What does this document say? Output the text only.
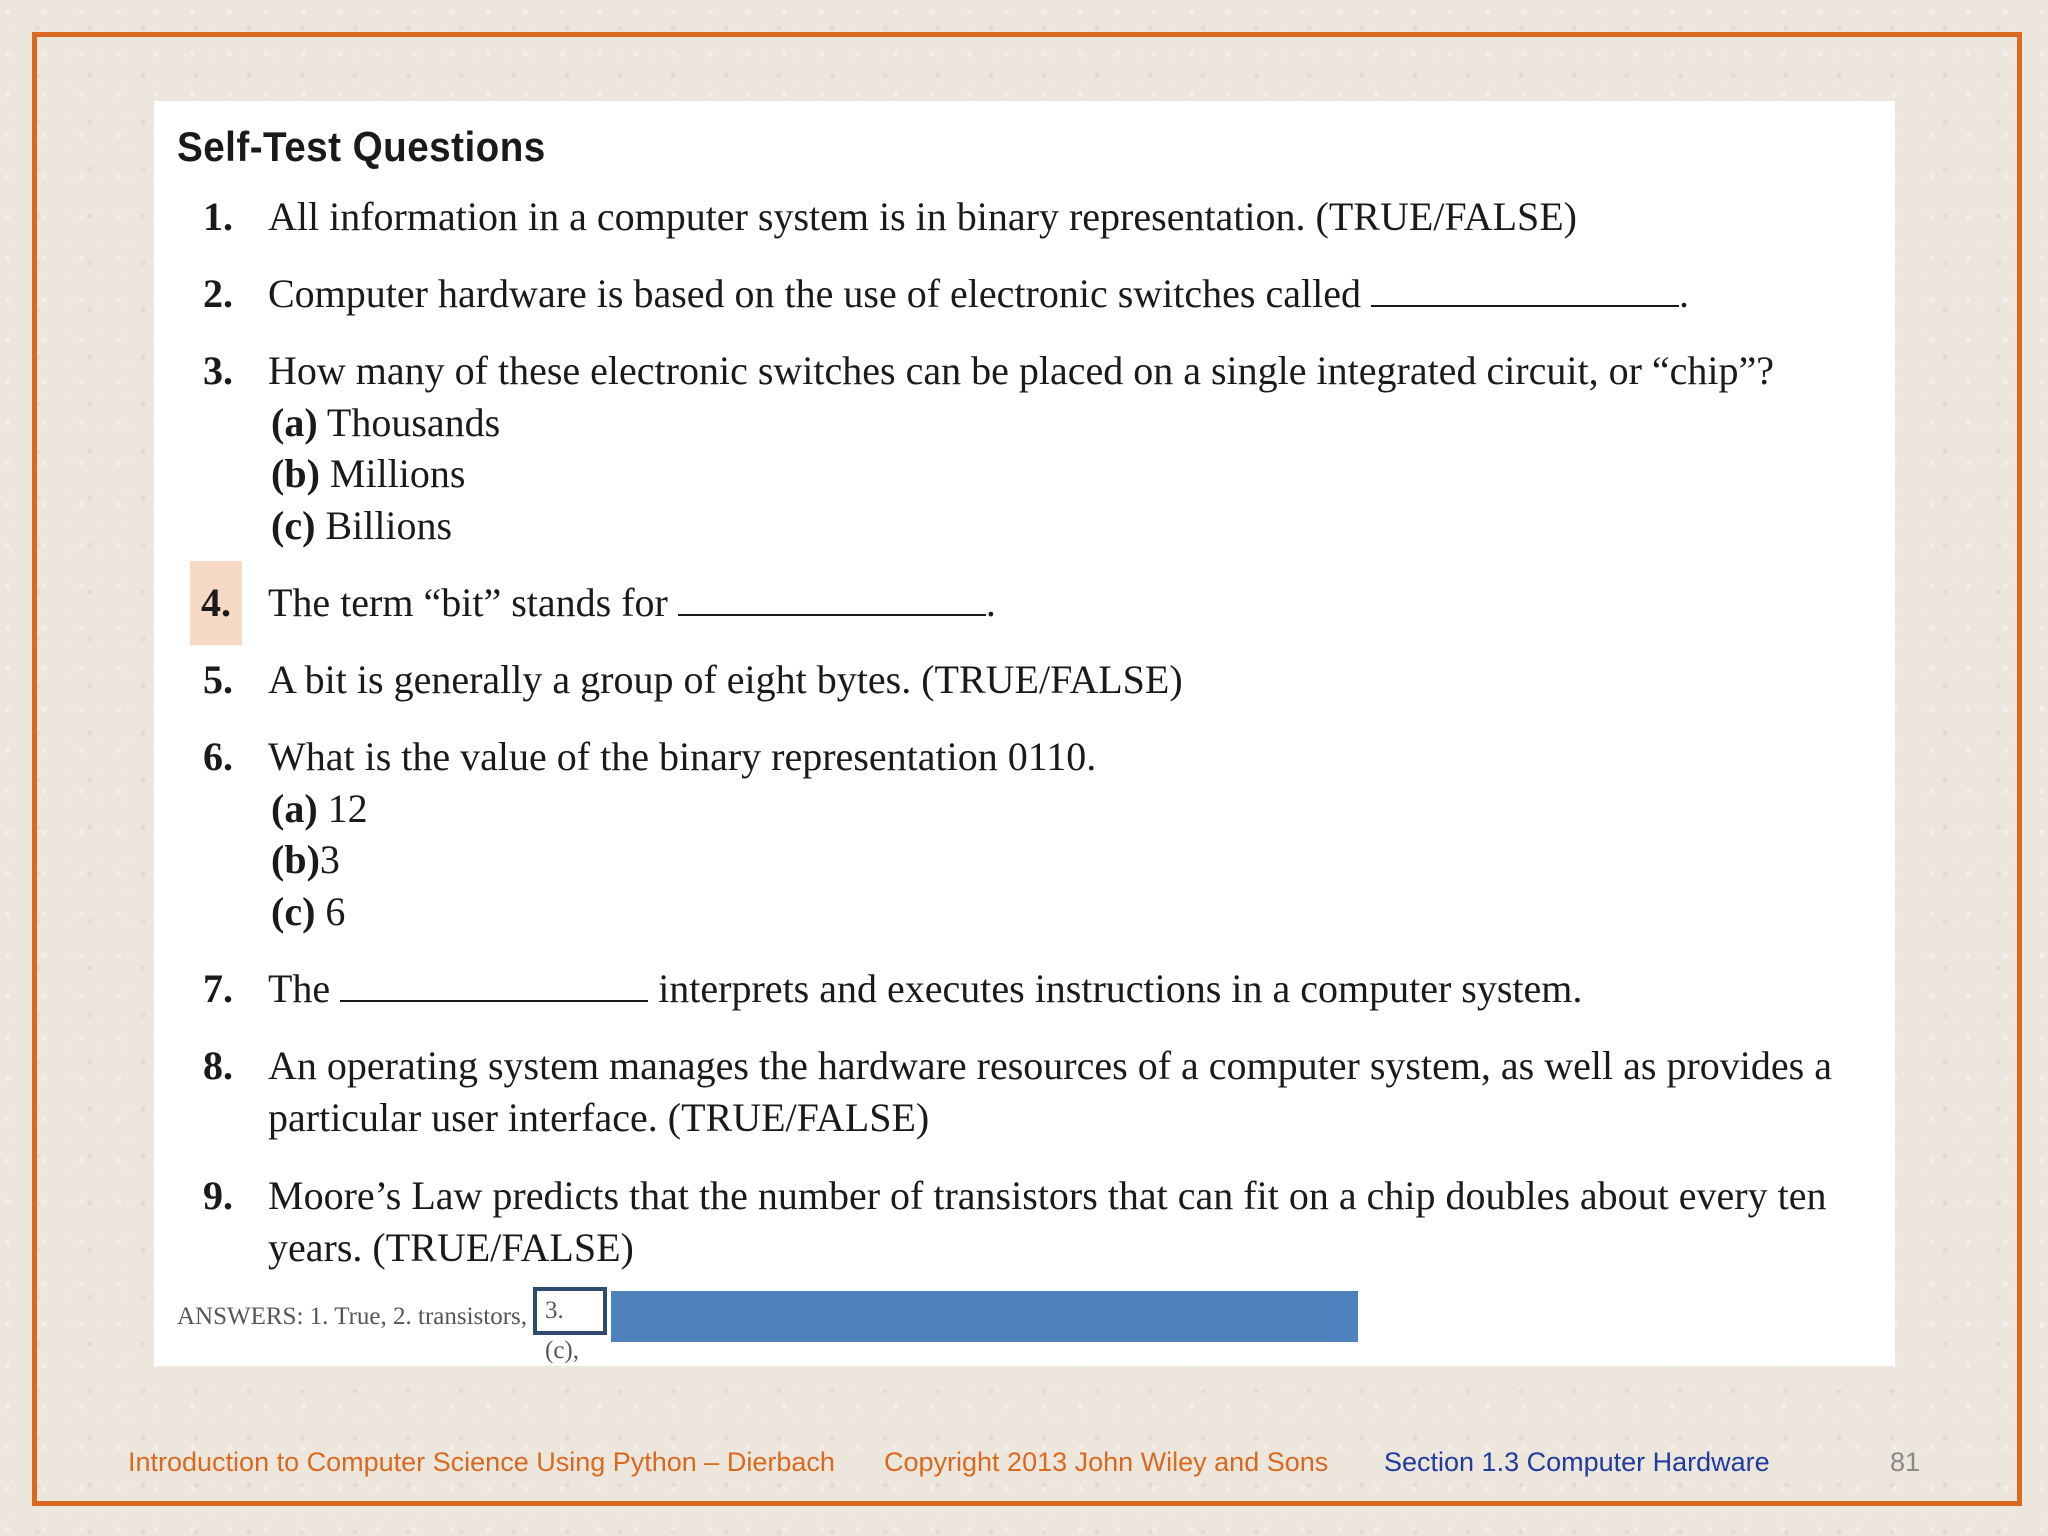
Self-Test Questions
1. All information in a computer system is in binary representation. (TRUE/FALSE)
2. Computer hardware is based on the use of electronic switches called	.
3. How many of these electronic switches can be placed on a single integrated circuit, or “chip”?
(a) Thousands
(b) Millions
(c) Billions
4. The term “bit” stands for	.
5. A bit is generally a group of eight bytes. (TRUE/FALSE)
6. What is the value of the binary representation 0110.
(a) 12
(b)3
(c) 6
7. The	interprets and executes instructions in a computer system.
8. An operating system manages the hardware resources of a computer system, as well as provides a particular user interface. (TRUE/FALSE)
9. Moore’s Law predicts that the number of transistors that can fit on a chip doubles about every ten years. (TRUE/FALSE)
ANSWERS: 1. True, 2. transistors, 3. (c),
Introduction to Computer Science Using Python – Dierbach Copyright 2013 John Wiley and Sons Section 1.3 Computer Hardware	81
